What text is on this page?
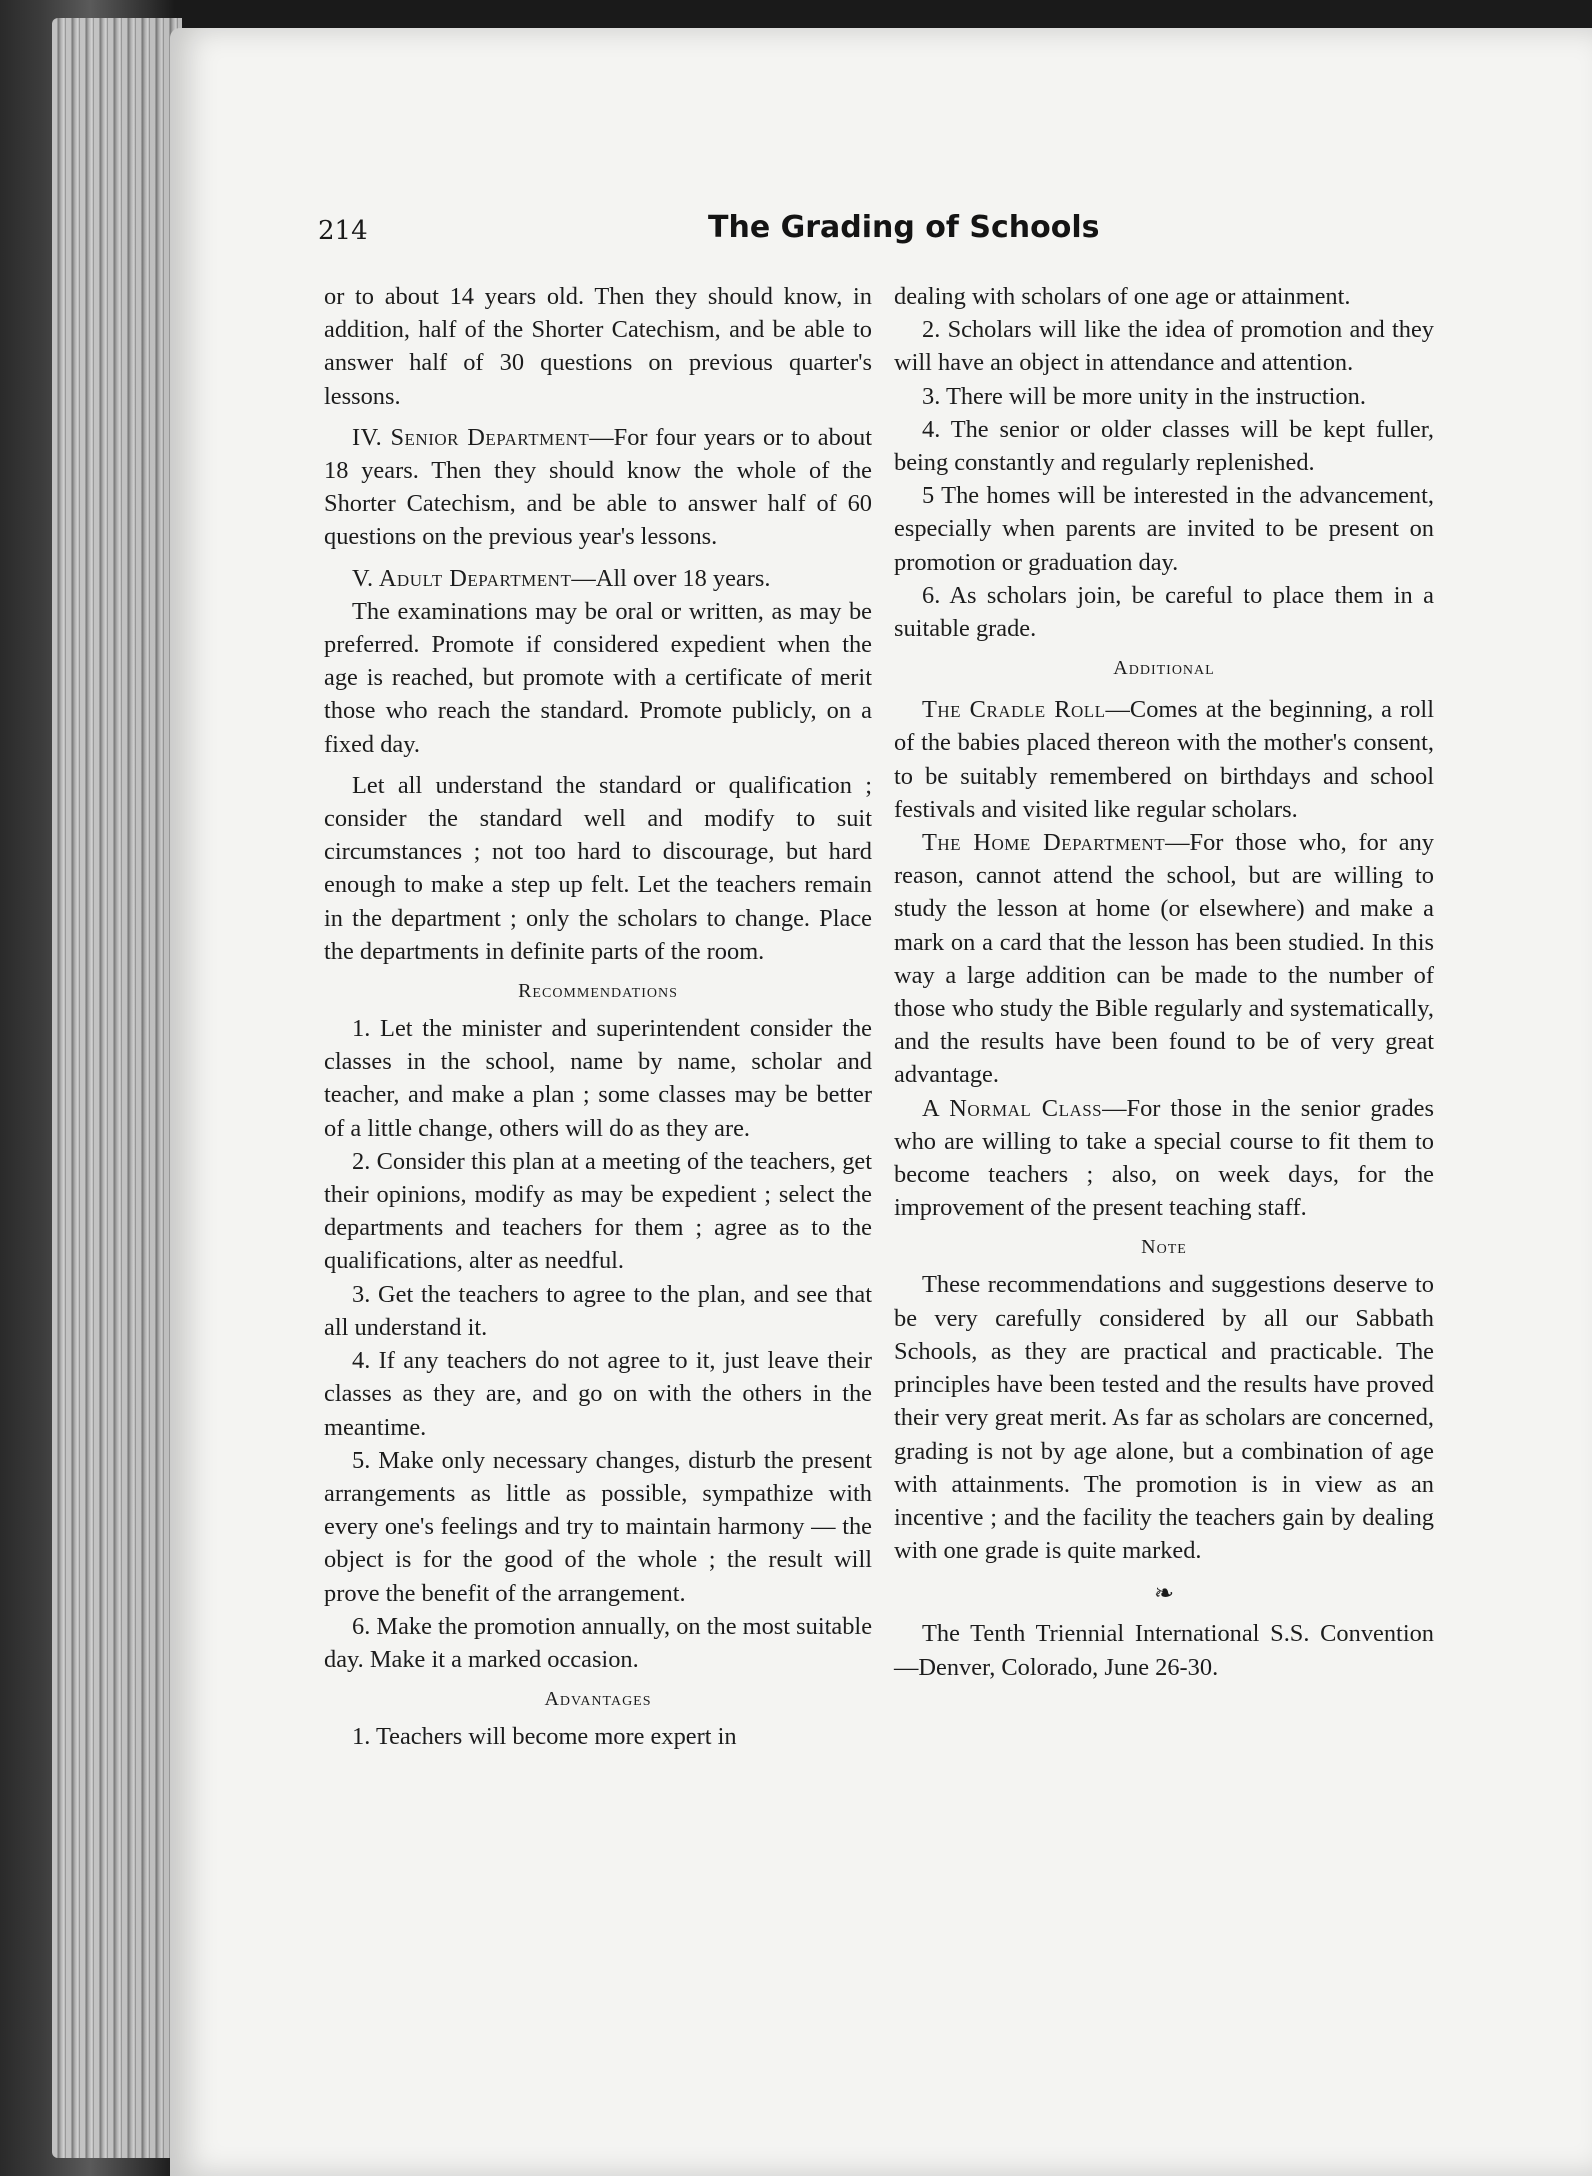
214	The Grading of Schools

or to about 14 years old. Then they should know, in addition, half of the Shorter Catechism, and be able to answer half of 30 questions on previous quarter's lessons.

IV. Senior Department—For four years or to about 18 years. Then they should know the whole of the Shorter Catechism, and be able to answer half of 60 questions on the previous year's lessons.

V. Adult Department—All over 18 years.

The examinations may be oral or written, as may be preferred. Promote if considered expedient when the age is reached, but promote with a certificate of merit those who reach the standard. Promote publicly, on a fixed day.

Let all understand the standard or qualification ; consider the standard well and modify to suit circumstances ; not too hard to discourage, but hard enough to make a step up felt. Let the teachers remain in the department ; only the scholars to change. Place the departments in definite parts of the room.

Recommendations

1. Let the minister and superintendent consider the classes in the school, name by name, scholar and teacher, and make a plan ; some classes may be better of a little change, others will do as they are.

2. Consider this plan at a meeting of the teachers, get their opinions, modify as may be expedient ; select the departments and teachers for them ; agree as to the qualifications, alter as needful.

3. Get the teachers to agree to the plan, and see that all understand it.

4. If any teachers do not agree to it, just leave their classes as they are, and go on with the others in the meantime.

5. Make only necessary changes, disturb the present arrangements as little as possible, sympathize with every one's feelings and try to maintain harmony — the object is for the good of the whole ; the result will prove the benefit of the arrangement.

6. Make the promotion annually, on the most suitable day. Make it a marked occasion.

Advantages

1. Teachers will become more expert in

dealing with scholars of one age or attainment.

2. Scholars will like the idea of promotion and they will have an object in attendance and attention.

3. There will be more unity in the instruction.

4. The senior or older classes will be kept fuller, being constantly and regularly replenished.

5 The homes will be interested in the advancement, especially when parents are invited to be present on promotion or graduation day.

6. As scholars join, be careful to place them in a suitable grade.

Additional

The Cradle Roll—Comes at the beginning, a roll of the babies placed thereon with the mother's consent, to be suitably remembered on birthdays and school festivals and visited like regular scholars.

The Home Department—For those who, for any reason, cannot attend the school, but are willing to study the lesson at home (or elsewhere) and make a mark on a card that the lesson has been studied. In this way a large addition can be made to the number of those who study the Bible regularly and systematically, and the results have been found to be of very great advantage.

A Normal Class—For those in the senior grades who are willing to take a special course to fit them to become teachers ; also, on week days, for the improvement of the present teaching staff.

Note

These recommendations and suggestions deserve to be very carefully considered by all our Sabbath Schools, as they are practical and practicable. The principles have been tested and the results have proved their very great merit. As far as scholars are concerned, grading is not by age alone, but a combination of age with attainments. The promotion is in view as an incentive ; and the facility the teachers gain by dealing with one grade is quite marked.

❧

The Tenth Triennial International S.S. Convention—Denver, Colorado, June 26-30.
